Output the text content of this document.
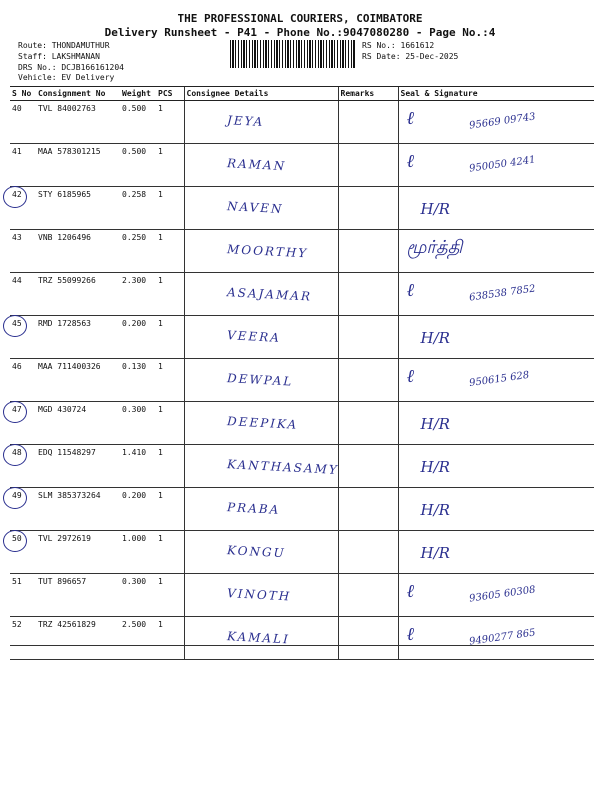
THE PROFESSIONAL COURIERS, COIMBATORE
Delivery Runsheet - P41 - Phone No.:9047080280 - Page No.:4
Route: THONDAMUTHUR
Staff: LAKSHMANAN
DRS No.: DCJB166161204
Vehicle: EV Delivery
RS No.: 1661612
RS Date: 25-Dec-2025
S No	Consignment No	Weight	PCS	Consignee Details	Remarks	Seal & Signature
40	TVL 84002763	0.500	1	JEYA		ℓ 95669 09743

41	MAA 578301215	0.500	1	RAMAN		ℓ 950050 4241

42	STY 6185965	0.258	1	NAVEN		H/R

43	VNB 1206496	0.250	1	MOORTHY		மூர்த்தி

44	TRZ 55099266	2.300	1	ASAJAMAR		ℓ 638538 7852

45	RMD 1728563	0.200	1	VEERA		H/R

46	MAA 711400326	0.130	1	DEWPAL		ℓ 950615 628

47	MGD 430724	0.300	1	DEEPIKA		H/R

48	EDQ 11548297	1.410	1	KANTHASAMY		H/R

49	SLM 385373264	0.200	1	PRABA		H/R

50	TVL 2972619	1.000	1	KONGU		H/R

51	TUT 896657	0.300	1	VINOTH		ℓ 93605 60308

52	TRZ 42561829	2.500	1	KAMALI		ℓ 9490277 865
